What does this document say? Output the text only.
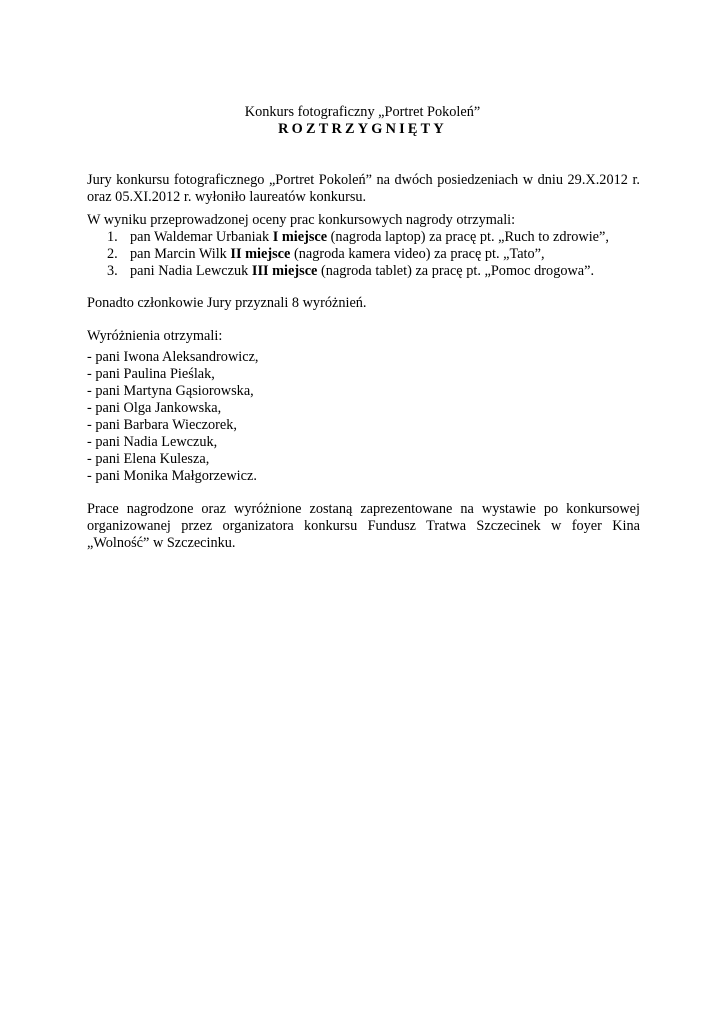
Konkurs fotograficzny „Portret Pokoleń”
ROZTRZYGNIĘTY

Jury konkursu fotograficznego „Portret Pokoleń” na dwóch posiedzeniach w dniu 29.X.2012 r. oraz 05.XI.2012 r. wyłoniło laureatów konkursu.

W wyniku przeprowadzonej oceny prac konkursowych nagrody otrzymali:

1. pan Waldemar Urbaniak I miejsce (nagroda laptop) za pracę pt. „Ruch to zdrowie”,
2. pan Marcin Wilk II miejsce (nagroda kamera video) za pracę pt. „Tato”,
3. pani Nadia Lewczuk III miejsce (nagroda tablet) za pracę pt. „Pomoc drogowa”.

Ponadto członkowie Jury przyznali 8 wyróżnień.

Wyróżnienia otrzymali:

- pani Iwona Aleksandrowicz,
- pani Paulina Pieślak,
- pani Martyna Gąsiorowska,
- pani Olga Jankowska,
- pani Barbara Wieczorek,
- pani Nadia Lewczuk,
- pani Elena Kulesza,
- pani Monika Małgorzewicz.

Prace nagrodzone oraz wyróżnione zostaną zaprezentowane na wystawie po konkursowej organizowanej przez organizatora konkursu Fundusz Tratwa Szczecinek w foyer Kina „Wolność” w Szczecinku.
